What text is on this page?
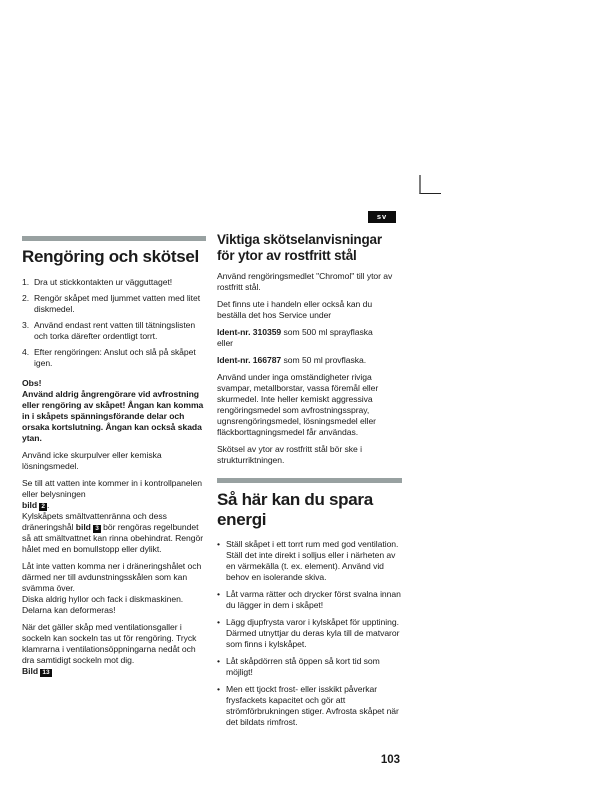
sv
Rengöring och skötsel
1. Dra ut stickkontakten ur vägguttaget!
2. Rengör skåpet med ljummet vatten med litet diskmedel.
3. Använd endast rent vatten till tätningslisten och torka därefter ordentligt torrt.
4. Efter rengöringen: Anslut och slå på skåpet igen.
Obs!
Använd aldrig ångrengörare vid avfrostning eller rengöring av skåpet! Ångan kan komma in i skåpets spänningsförande delar och orsaka kortslutning. Ångan kan också skada ytan.
Använd icke skurpulver eller kemiska lösningsmedel.
Se till att vatten inte kommer in i kontrollpanelen eller belysningen
bild 2 .
Kylskåpets smältvattenränna och dess dräneringshål bild 3 bör rengöras regelbundet så att smältvattnet kan rinna obehindrat. Rengör hålet med en bomullstopp eller dylikt.
Låt inte vatten komma ner i dräneringshålet och därmed ner till avdunstningsskålen som kan svämma över.
Diska aldrig hyllor och fack i diskmaskinen. Delarna kan deformeras!
När det gäller skåp med ventilationsgaller i sockeln kan sockeln tas ut för rengöring. Tryck klamrarna i ventilationsöppningarna nedåt och dra samtidigt sockeln mot dig.
Bild 13
Viktiga skötselanvisningar för ytor av rostfritt stål
Använd rengöringsmedlet "Chromol" till ytor av rostfritt stål.
Det finns ute i handeln eller också kan du beställa det hos Service under
Ident-nr. 310359 som 500 ml sprayflaska
eller
Ident-nr. 166787 som 50 ml provflaska.
Använd under inga omständigheter riviga svampar, metallborstar, vassa föremål eller skurmedel. Inte heller kemiskt aggressiva rengöringsmedel som avfrostningsspray, ugnsrengöringsmedel, lösningsmedel eller fläckborttagningsmedel får användas.
Skötsel av ytor av rostfritt stål bör ske i strukturriktningen.
Så här kan du spara energi
• Ställ skåpet i ett torrt rum med god ventilation. Ställ det inte direkt i solljus eller i närheten av en värmekälla (t. ex. element). Använd vid behov en isolerande skiva.
• Låt varma rätter och drycker först svalna innan du lägger in dem i skåpet!
• Lägg djupfrysta varor i kylskåpet för upptining. Därmed utnyttjar du deras kyla till de matvaror som finns i kylskåpet.
• Låt skåpdörren stå öppen så kort tid som möjligt!
• Men ett tjockt frost- eller isskikt påverkar frysfackets kapacitet och gör att strömförbrukningen stiger. Avfrosta skåpet när det bildats rimfrost.
103
